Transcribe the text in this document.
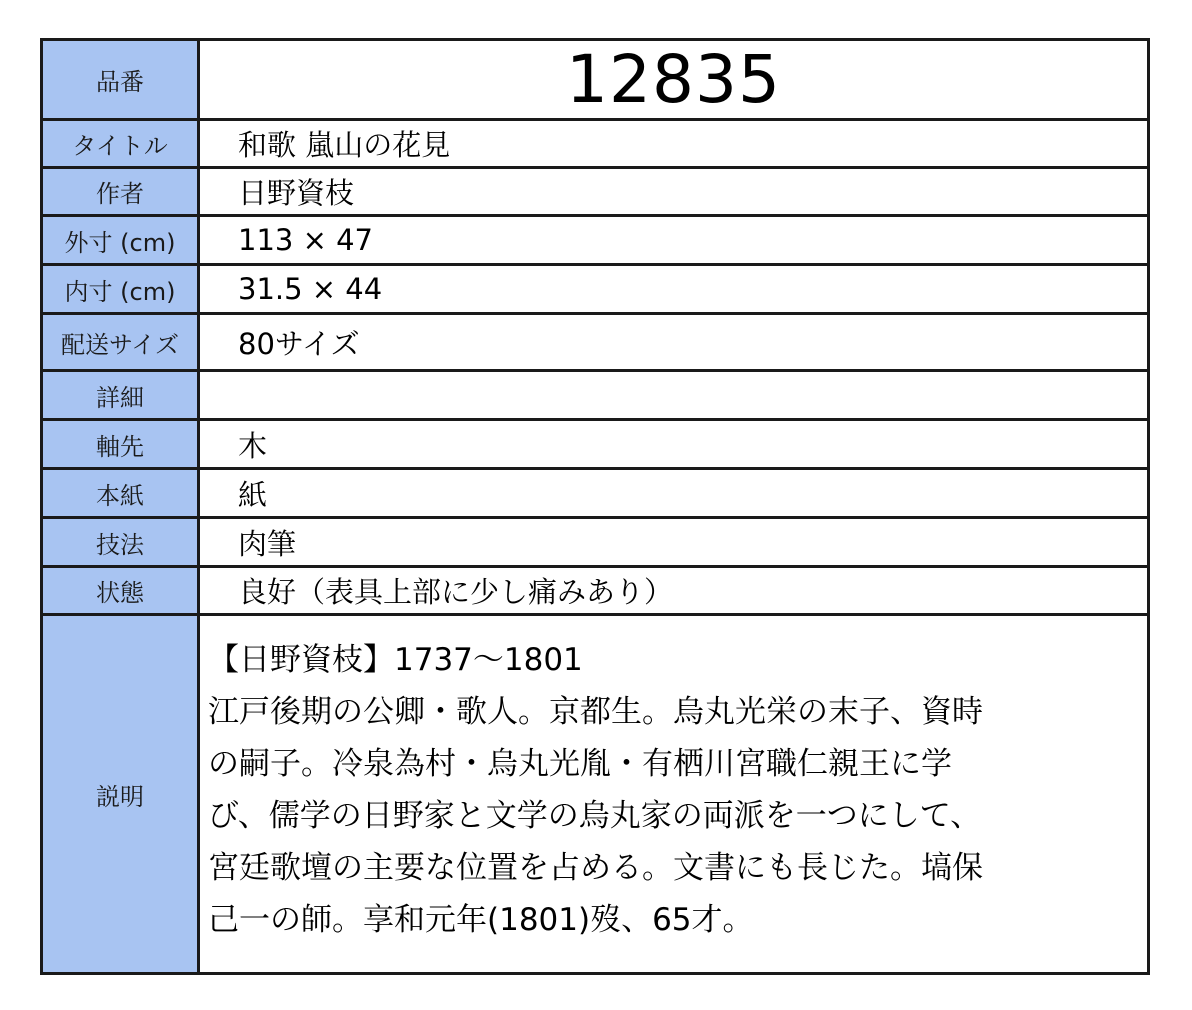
品番	12835
タイトル	和歌 嵐山の花見
作者	日野資枝
外寸 (cm)	113 × 47
内寸 (cm)	31.5 × 44
配送サイズ	80サイズ
詳細
軸先	木
本紙	紙
技法	肉筆
状態	良好（表具上部に少し痛みあり）
説明
【日野資枝】1737〜1801
江戸後期の公卿・歌人。京都生。烏丸光栄の末子、資時
の嗣子。冷泉為村・烏丸光胤・有栖川宮職仁親王に学
び、儒学の日野家と文学の烏丸家の両派を一つにして、
宮廷歌壇の主要な位置を占める。文書にも長じた。塙保
己一の師。享和元年(1801)歿、65才。
